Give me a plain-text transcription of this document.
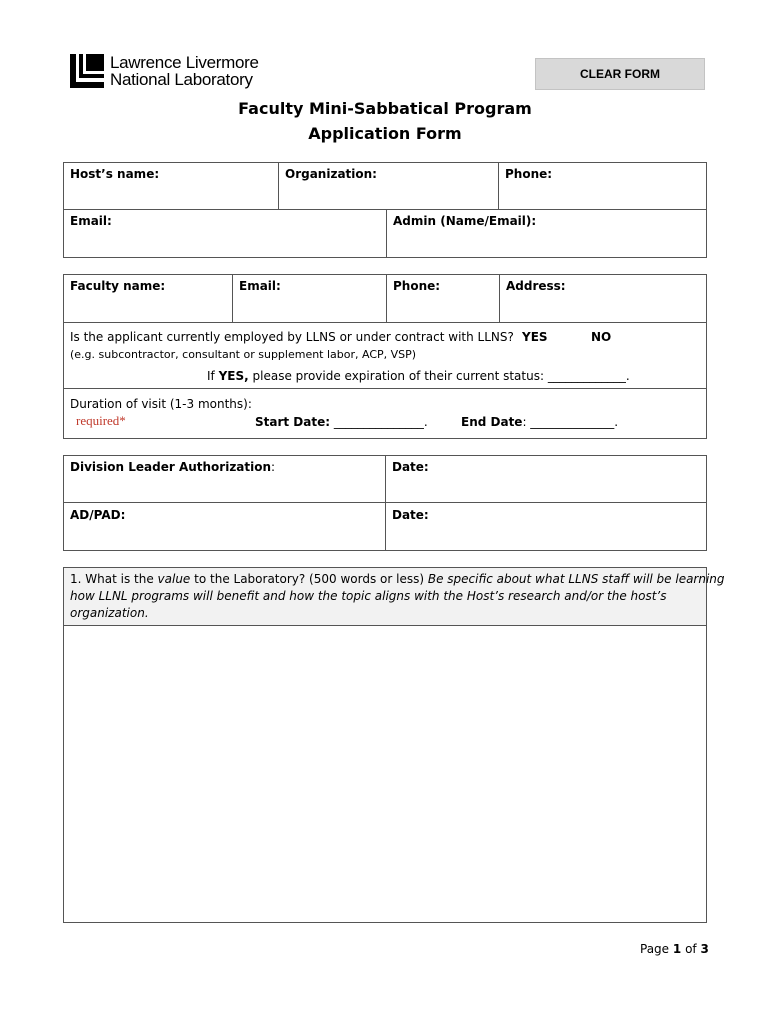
Lawrence Livermore
National Laboratory	CLEAR FORM
Faculty Mini-Sabbatical Program
Application Form
Host’s name:	Organization:	Phone:
Email:	Admin (Name/Email):
Faculty name:	Email:	Phone:	Address:
Is the applicant currently employed by LLNS or under contract with LLNS? YES	NO
(e.g. subcontractor, consultant or supplement labor, ACP, VSP)
If YES, please provide expiration of their current status: _____________.
Duration of visit (1-3 months):
required*	Start Date: _______________.	End Date: ______________.
Division Leader Authorization:	Date:
AD/PAD:	Date:
1. What is the value to the Laboratory? (500 words or less) Be specific about what LLNS staff will be learning
how LLNL programs will benefit and how the topic aligns with the Host’s research and/or the host’s
organization.
Page 1 of 3
